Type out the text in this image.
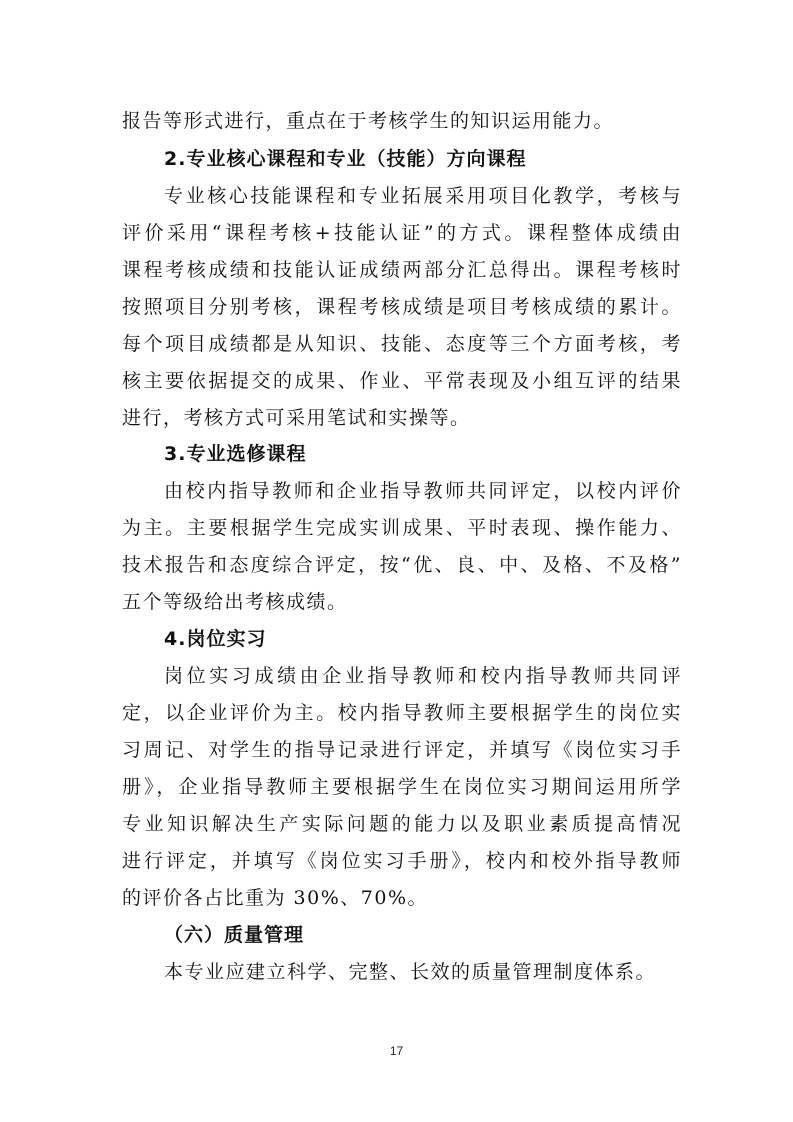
报告等形式进行，重点在于考核学生的知识运用能力。
2.专业核心课程和专业（技能）方向课程
专业核心技能课程和专业拓展采用项目化教学，考核与
评价采用“课程考核+技能认证”的方式。课程整体成绩由
课程考核成绩和技能认证成绩两部分汇总得出。课程考核时
按照项目分别考核，课程考核成绩是项目考核成绩的累计。
每个项目成绩都是从知识、技能、态度等三个方面考核，考
核主要依据提交的成果、作业、平常表现及小组互评的结果
进行，考核方式可采用笔试和实操等。
3.专业选修课程
由校内指导教师和企业指导教师共同评定，以校内评价
为主。主要根据学生完成实训成果、平时表现、操作能力、
技术报告和态度综合评定，按“优、良、中、及格、不及格”
五个等级给出考核成绩。
4.岗位实习
岗位实习成绩由企业指导教师和校内指导教师共同评
定，以企业评价为主。校内指导教师主要根据学生的岗位实
习周记、对学生的指导记录进行评定，并填写《岗位实习手
册》，企业指导教师主要根据学生在岗位实习期间运用所学
专业知识解决生产实际问题的能力以及职业素质提高情况
进行评定，并填写《岗位实习手册》，校内和校外指导教师
的评价各占比重为 30%、70%。
（六）质量管理
本专业应建立科学、完整、长效的质量管理制度体系。
17
